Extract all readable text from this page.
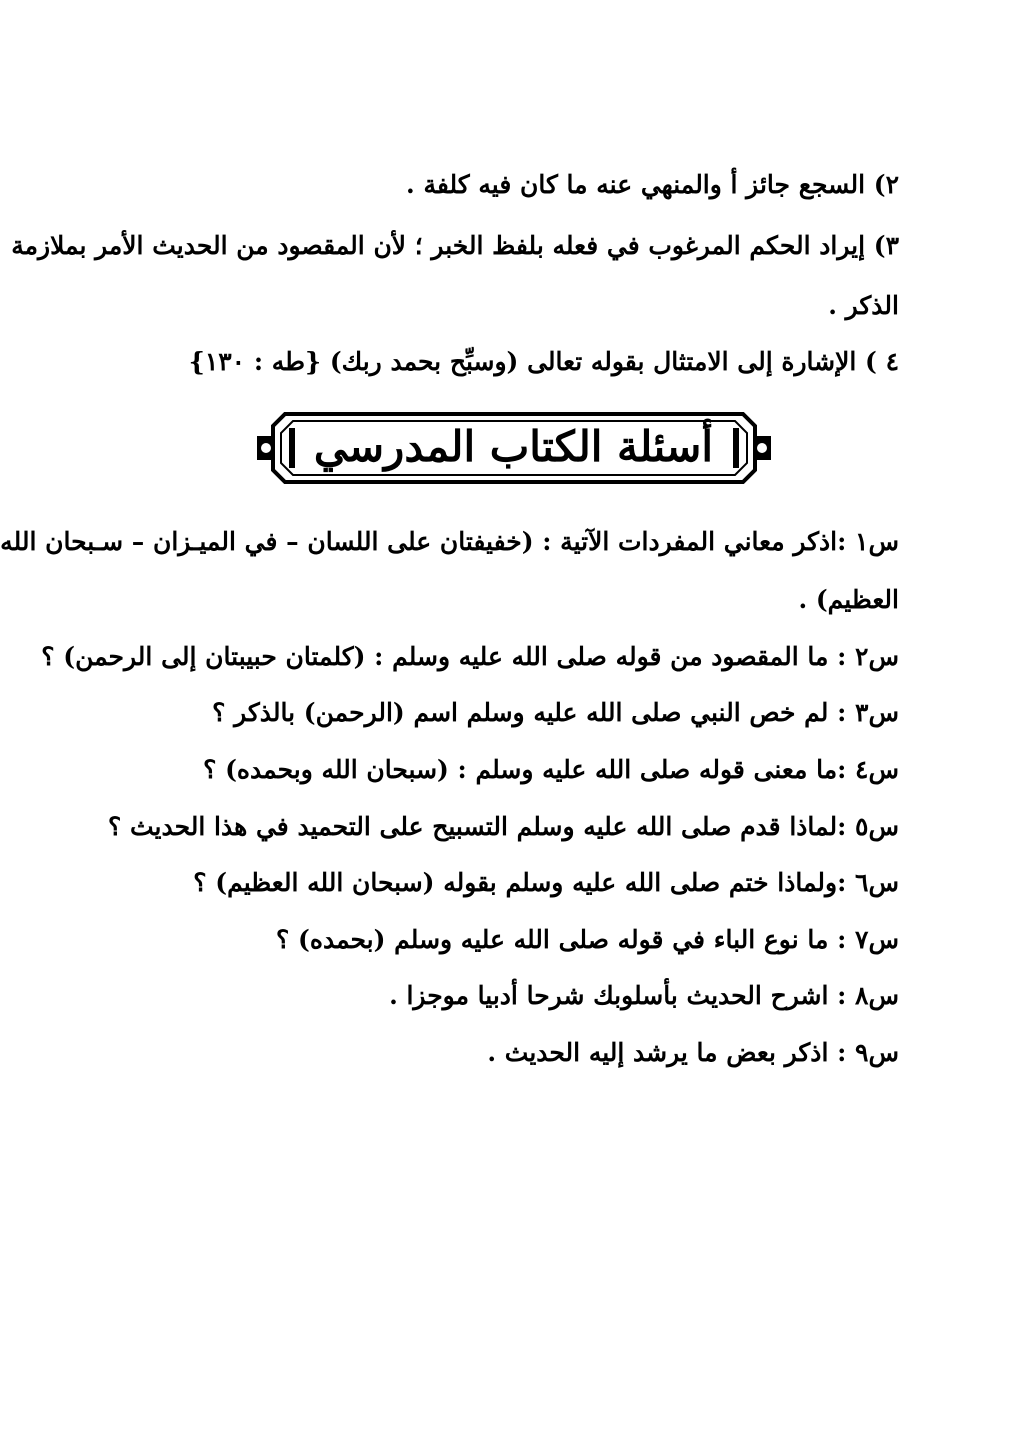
٢) السجع جائز أ والمنهي عنه ما كان فيه كلفة .
٣) إيراد الحكم المرغوب في فعله بلفظ الخبر ؛ لأن المقصود من الحديث الأمر بملازمة
الذكر .
٤ ) الإشارة إلى الامتثال بقوله تعالى (وسبِّح بحمد ربك) {طه : ١٣٠}
أسئلة الكتاب المدرسي
س١ :اذكر معاني المفردات الآتية : (خفيفتان على اللسان – في الميـزان – سـبحان الله
العظيم) .
س٢ : ما المقصود من قوله صلى الله عليه وسلم : (كلمتان حبيبتان إلى الرحمن) ؟
س٣ : لم خص النبي صلى الله عليه وسلم اسم (الرحمن) بالذكر ؟
س٤ :ما معنى قوله صلى الله عليه وسلم : (سبحان الله وبحمده) ؟
س٥ :لماذا قدم صلى الله عليه وسلم التسبيح على التحميد في هذا الحديث ؟
س٦ :ولماذا ختم صلى الله عليه وسلم بقوله (سبحان الله العظيم) ؟
س٧ : ما نوع الباء في قوله صلى الله عليه وسلم (بحمده) ؟
س٨ : اشرح الحديث بأسلوبك شرحا أدبيا موجزا .
س٩ : اذكر بعض ما يرشد إليه الحديث .
